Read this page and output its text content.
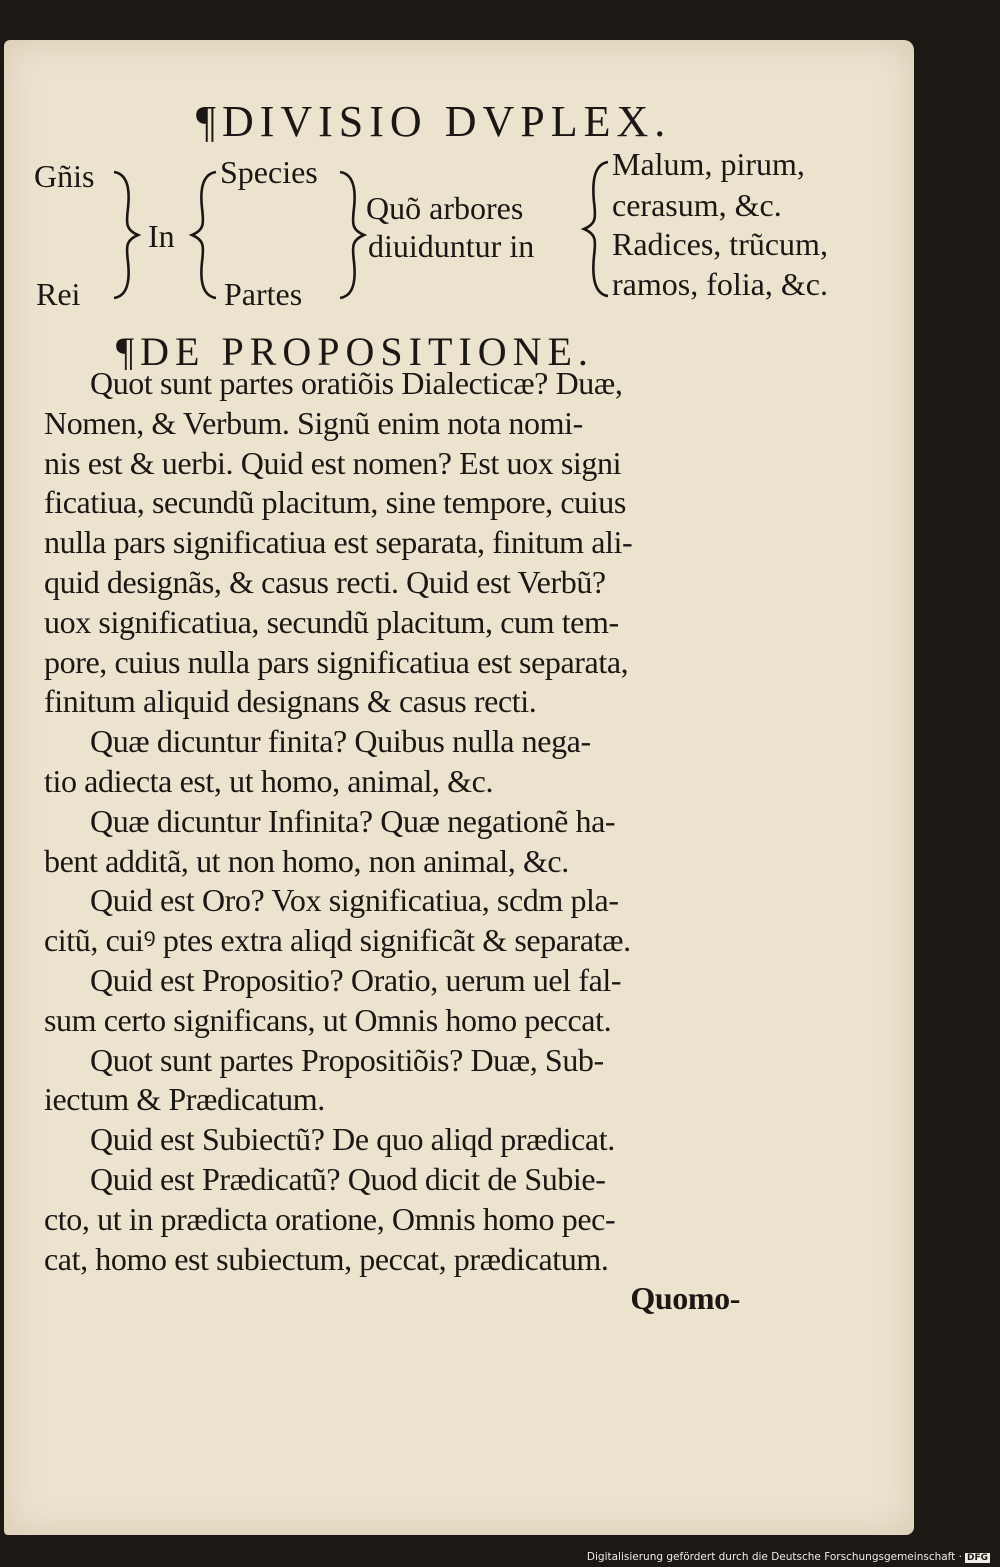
¶ DIVISIO DVPLEX.
Gñis
Rei
In
Species
Partes
Quõ arbores
diuiduntur in
Malum, pirum,
cerasum, &c.
Radices, trũcum,
ramos, folia, &c.
¶ DE PROPOSITIONE.
Quot sunt partes oratiõis Dialecticæ? Duæ,
Nomen, & Verbum. Signũ enim nota nomi-
nis est & uerbi. Quid est nomen? Est uox signi
ficatiua, secundũ placitum, sine tempore, cuius
nulla pars significatiua est separata, finitum ali-
quid designãs, & casus recti. Quid est Verbũ?
uox significatiua, secundũ placitum, cum tem-
pore, cuius nulla pars significatiua est separata,
finitum aliquid designans & casus recti.
Quæ dicuntur finita? Quibus nulla nega-
tio adiecta est, ut homo, animal, &c.
Quæ dicuntur Infinita? Quæ negationẽ ha-
bent additã, ut non homo, non animal, &c.
Quid est Oro? Vox significatiua, scdm pla-
citũ, cuiꝰ ptes extra aliqd significãt & separatæ.
Quid est Propositio? Oratio, uerum uel fal-
sum certo significans, ut Omnis homo peccat.
Quot sunt partes Propositiõis? Duæ, Sub-
iectum & Prædicatum.
Quid est Subiectũ? De quo aliqd prædicat.
Quid est Prædicatũ? Quod dicit de Subie-
cto, ut in prædicta oratione, Omnis homo pec-
cat, homo est subiectum, peccat, prædicatum.
Quomo-
Digitalisierung gefördert durch die Deutsche Forschungsgemeinschaft · DFG
